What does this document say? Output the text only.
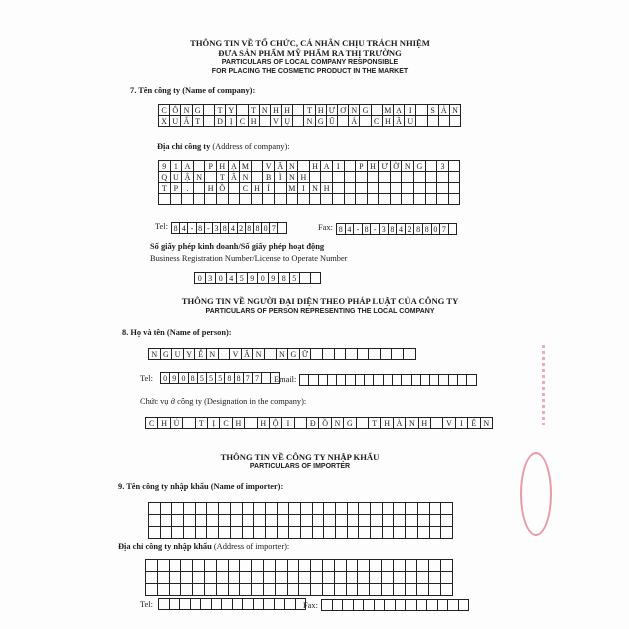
THÔNG TIN VỀ TỔ CHỨC, CÁ NHÂN CHỊU TRÁCH NHIỆM
ĐƯA SẢN PHẨM MỸ PHẨM RA THỊ TRƯỜNG
PARTICULARS OF LOCAL COMPANY RESPONSIBLE
FOR PLACING THE COSMETIC PRODUCT IN THE MARKET
7. Tên công ty (Name of company):
C Ô N G	T Y	T N H H	T H Ư Ơ N G	M Ạ I	S Ả N
X U Ấ T	D Ị C H	V Ụ	N G Ũ	Á	C H Â U
Địa chỉ công ty (Address of company):
9 1 A	P H Ạ M	V Ă N	H A I	P H Ư Ờ N G	3
Q U Ậ N	T Â N	B Ì N H
T P	.	H Ồ	C H Í	M I N H
Tel: 8 4 - 8 - 3 8 4 2 8 8 0 7	Fax: 8 4 - 8 - 3 8 4 2 8 8 0 7
Số giấy phép kinh doanh/Số giấy phép hoạt động
Business Registration Number/License to Operate Number
0 3 0 4 5 9 0 9 8 5
THÔNG TIN VỀ NGƯỜI ĐẠI DIỆN THEO PHÁP LUẬT CỦA CÔNG TY
PARTICULARS OF PERSON REPRESENTING THE LOCAL COMPANY
8. Họ và tên (Name of person):
N G U Y Ễ N	V Ă N	N G Ữ
Tel: 0 9 0 8 5 5 5 8 8 7 7	Email:
Chức vụ ở công ty (Designation in the company):
C H Ủ	T	Ị	C H	H Ộ	I	Đ Ồ N G	T H À N H	V	I	Ê N
THÔNG TIN VỀ CÔNG TY NHẬP KHẨU
PARTICULARS OF IMPORTER
9. Tên công ty nhập khẩu (Name of importer):
Địa chỉ công ty nhập khẩu (Address of importer):
Tel:	Fax:
